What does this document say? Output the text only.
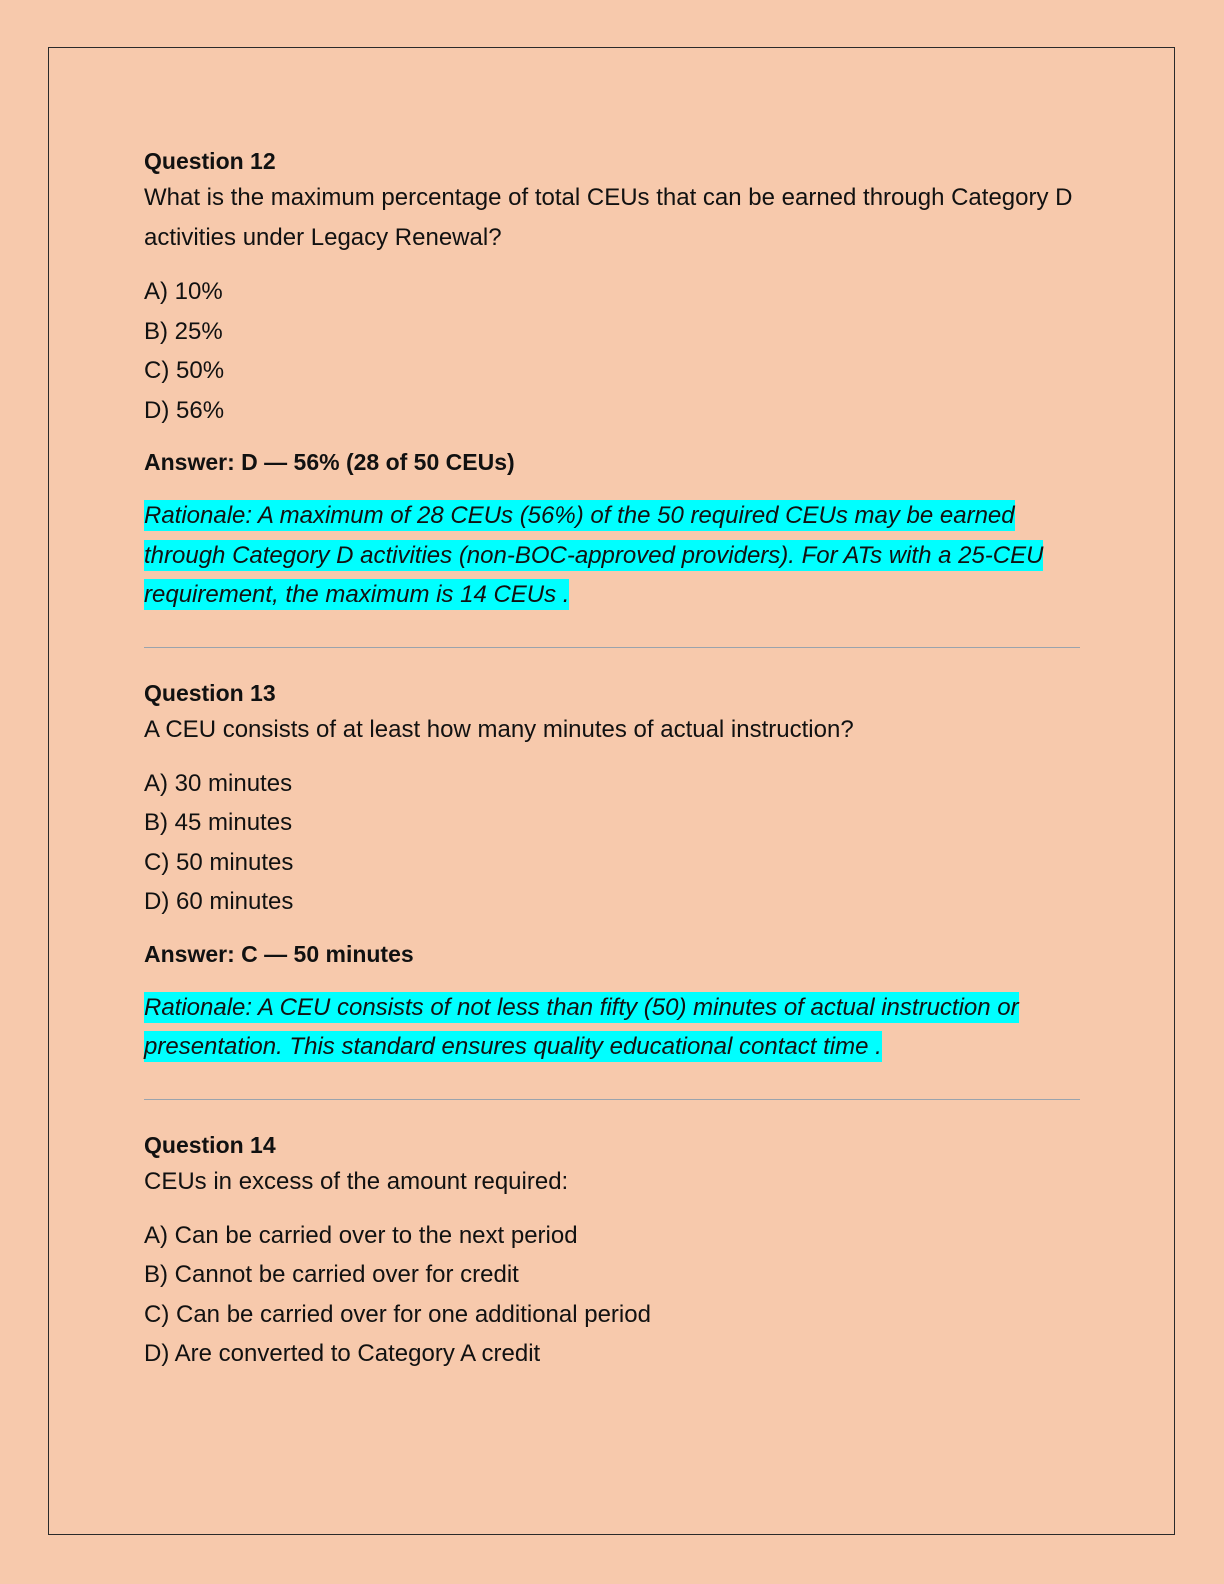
Question 12

What is the maximum percentage of total CEUs that can be earned through Category D activities under Legacy Renewal?

A) 10%
B) 25%
C) 50%
D) 56%

Answer: D — 56% (28 of 50 CEUs)

Rationale: A maximum of 28 CEUs (56%) of the 50 required CEUs may be earned through Category D activities (non-BOC-approved providers). For ATs with a 25-CEU requirement, the maximum is 14 CEUs .

Question 13

A CEU consists of at least how many minutes of actual instruction?

A) 30 minutes
B) 45 minutes
C) 50 minutes
D) 60 minutes

Answer: C — 50 minutes

Rationale: A CEU consists of not less than fifty (50) minutes of actual instruction or presentation. This standard ensures quality educational contact time .

Question 14

CEUs in excess of the amount required:

A) Can be carried over to the next period
B) Cannot be carried over for credit
C) Can be carried over for one additional period
D) Are converted to Category A credit
